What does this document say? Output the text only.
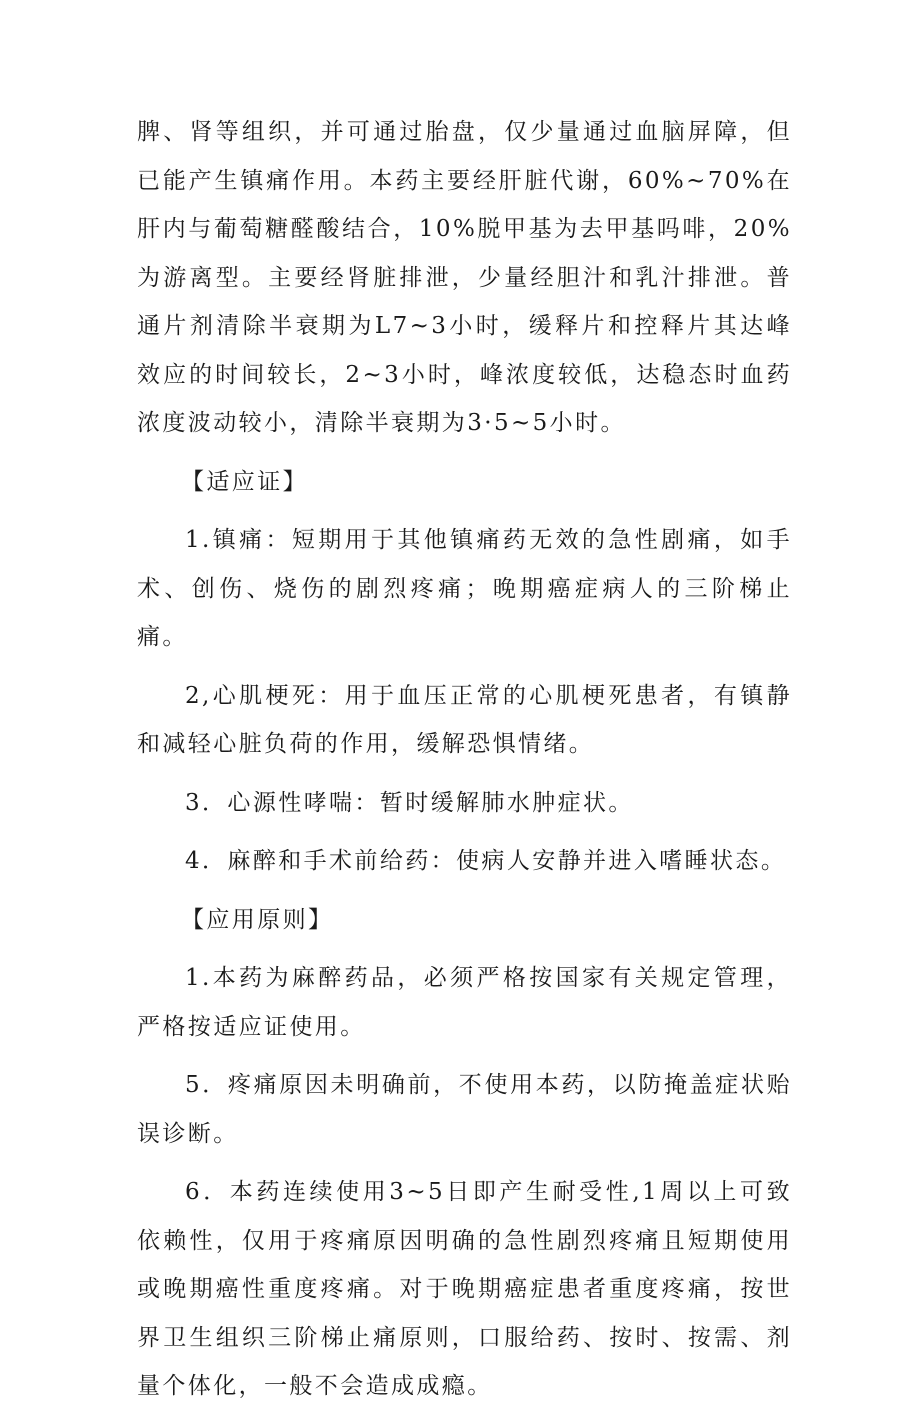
脾、肾等组织，并可通过胎盘，仅少量通过血脑屏障，但已能产生镇痛作用。本药主要经肝脏代谢，60%~70%在肝内与葡萄糖醛酸结合，10%脱甲基为去甲基吗啡，20%为游离型。主要经肾脏排泄，少量经胆汁和乳汁排泄。普通片剂清除半衰期为L7~3小时，缓释片和控释片其达峰效应的时间较长，2~3小时，峰浓度较低，达稳态时血药浓度波动较小，清除半衰期为3·5~5小时。

【适应证】

1.镇痛：短期用于其他镇痛药无效的急性剧痛，如手术、创伤、烧伤的剧烈疼痛；晚期癌症病人的三阶梯止痛。

2,心肌梗死：用于血压正常的心肌梗死患者，有镇静和减轻心脏负荷的作用，缓解恐惧情绪。

3．心源性哮喘：暂时缓解肺水肿症状。

4．麻醉和手术前给药：使病人安静并进入嗜睡状态。

【应用原则】

1.本药为麻醉药品，必须严格按国家有关规定管理，严格按适应证使用。

5．疼痛原因未明确前，不使用本药，以防掩盖症状贻误诊断。

6．本药连续使用3~5日即产生耐受性,1周以上可致依赖性，仅用于疼痛原因明确的急性剧烈疼痛且短期使用或晚期癌性重度疼痛。对于晚期癌症患者重度疼痛，按世界卫生组织三阶梯止痛原则，口服给药、按时、按需、剂量个体化，一般不会造成成瘾。
